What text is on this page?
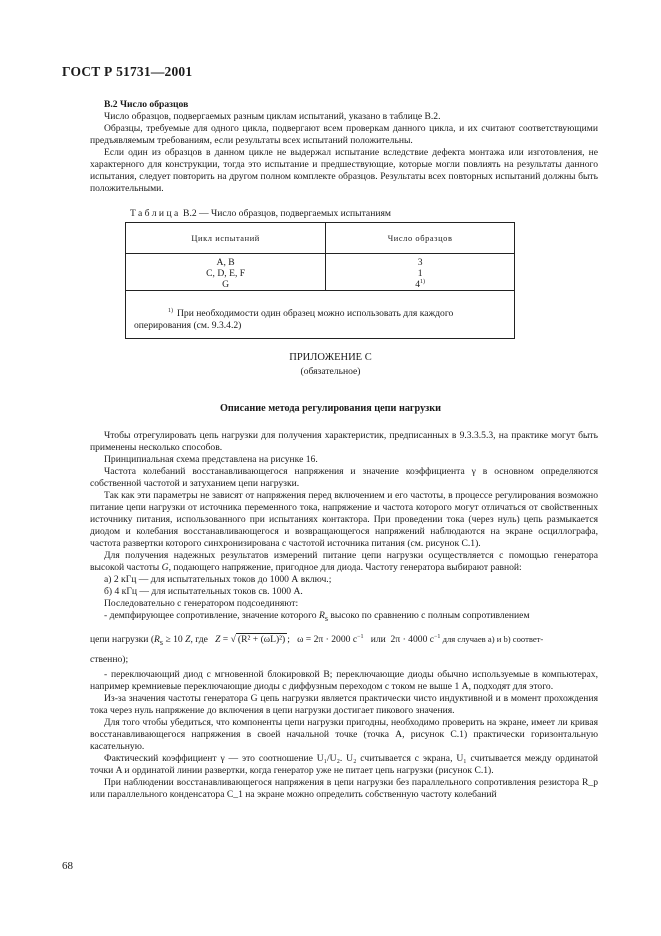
ГОСТ Р 51731—2001

B.2 Число образцов

Число образцов, подвергаемых разным циклам испытаний, указано в таблице В.2.

Образцы, требуемые для одного цикла, подвергают всем проверкам данного цикла, и их считают соответствующими предъявляемым требованиям, если результаты всех испытаний положительны.

Если один из образцов в данном цикле не выдержал испытание вследствие дефекта монтажа или изготовления, не характерного для конструкции, тогда это испытание и предшествующие, которые могли повлиять на результаты данного испытания, следует повторить на другом полном комплекте образцов. Результаты всех повторных испытаний должны быть положительными.

Таблица В.2 — Число образцов, подвергаемых испытаниям
Цикл испытаний	Число образцов

A, B	3
C, D, E, F	1
G	4$^{1)}$
$^{1)}$ При необходимости один образец можно использовать для каждого оперирования (см. 9.3.4.2)	
ПРИЛОЖЕНИЕ С
(обязательное)
Описание метода регулирования цепи нагрузки

Чтобы отрегулировать цепь нагрузки для получения характеристик, предписанных в 9.3.3.5.3, на практике могут быть применены несколько способов.

Принципиальная схема представлена на рисунке 16.

Частота колебаний восстанавливающегося напряжения и значение коэффициента γ в основном определяются собственной частотой и затуханием цепи нагрузки.

Так как эти параметры не зависят от напряжения перед включением и его частоты, в процессе регулирования возможно питание цепи нагрузки от источника переменного тока, напряжение и частота которого могут отличаться от свойственных источнику питания, использованного при испытаниях контактора. При проведении тока (через нуль) цепь размыкается диодом и колебания восстанавливающегося и возвращающегося напряжений наблюдаются на экране осциллографа, частота развертки которого синхронизирована с частотой источника питания (см. рисунок С.1).

Для получения надежных результатов измерений питание цепи нагрузки осуществляется с помощью генератора высокой частоты G, подающего напряжение, пригодное для диода. Частоту генератора выбирают равной:

а) 2 кГц — для испытательных токов до 1000 А включ.;

б) 4 кГц — для испытательных токов св. 1000 А.

Последовательно с генератором подсоединяют:

- демпфирующее сопротивление, значение которого $R_s$ высоко по сравнению с полным сопротивлением

цепи нагрузки ($R_s \ge 10$ Z, где Z = √ (R² + (ωL)²) ; ω = 2π · 2000 $с^{-1}$ или 2π · 4000 $с^{-1}$ для случаев а) и b) соответ-

ственно);

- переключающий диод с мгновенной блокировкой B; переключающие диоды обычно используемые в компьютерах, например кремниевые переключающие диоды с диффузным переходом с током не выше 1 А, подходят для этого.

Из-за значения частоты генератора G цепь нагрузки является практически чисто индуктивной и в момент прохождения тока через нуль напряжение до включения в цепи нагрузки достигает пикового значения.

Для того чтобы убедиться, что компоненты цепи нагрузки пригодны, необходимо проверить на экране, имеет ли кривая восстанавливающегося напряжения в своей начальной точке (точка A, рисунок С.1) практически горизонтальную касательную.

Фактический коэффициент γ — это соотношение U₁/U₂. U₂ считывается с экрана, U₁ считывается между ординатой точки A и ординатой линии развертки, когда генератор уже не питает цепь нагрузки (рисунок С.1).

При наблюдении восстанавливающегося напряжения в цепи нагрузки без параллельного сопротивления резистора R_p или параллельного конденсатора C_1 на экране можно определить собственную частоту колебаний

68
